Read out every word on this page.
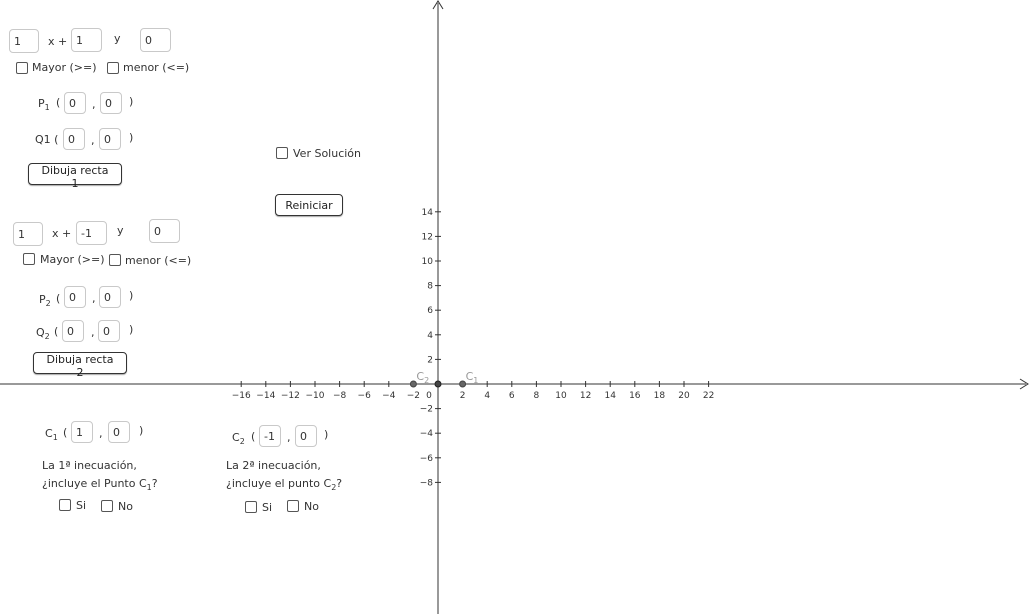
−16 −14 −12 −10 −8 −6 −4 −2 0	2 4 6 8 10 12 14 16 18 20 22
14
12
10
8
6
4
2
−2
−4
−6
−8
$C_2$	$C_1$
1
x +
1	y
0
Mayor (>=) menor (<=)
$P_1$ (
0	,
0	)
Q1 (
0	,
0	)
Dibuja recta 1
Ver Solución
Reiniciar
1
x +
-1	y
0
Mayor (>=) menor (<=)
$P_2$ (
0	,
0	)
$Q_2$ (
0	,
0	)
Dibuja recta 2
$C_1$ (
1	,
0	)
$C_2$ (
-1	,
0	)
La 1ª inecuación,
¿incluye el Punto $C_1$?
Si	No
La 2ª inecuación,
¿incluye el punto $C_2$?
Si	No
